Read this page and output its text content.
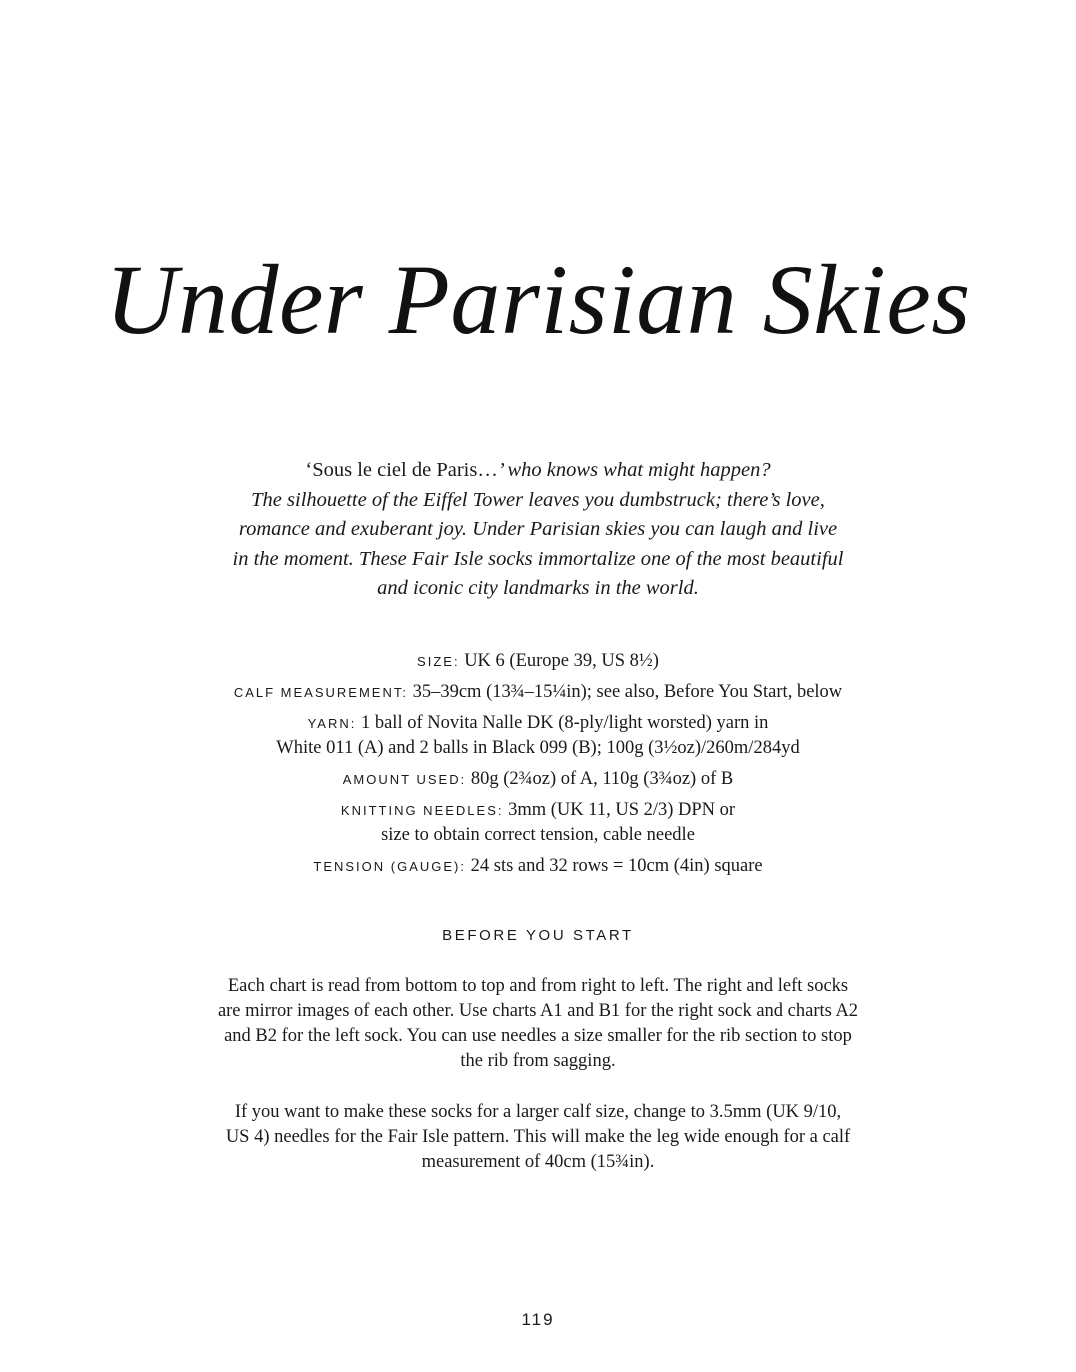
Under Parisian Skies
‘Sous le ciel de Paris…’ who knows what might happen?
The silhouette of the Eiffel Tower leaves you dumbstruck; there’s love,
romance and exuberant joy. Under Parisian skies you can laugh and live
in the moment. These Fair Isle socks immortalize one of the most beautiful
and iconic city landmarks in the world.
SIZE: UK 6 (Europe 39, US 8½)
CALF MEASUREMENT: 35–39cm (13¾–15¼in); see also, Before You Start, below
YARN: 1 ball of Novita Nalle DK (8-ply/light worsted) yarn in
White 011 (A) and 2 balls in Black 099 (B); 100g (3½oz)/260m/284yd
AMOUNT USED: 80g (2¾oz) of A, 110g (3¾oz) of B
KNITTING NEEDLES: 3mm (UK 11, US 2/3) DPN or
size to obtain correct tension, cable needle
TENSION (GAUGE): 24 sts and 32 rows = 10cm (4in) square
BEFORE YOU START

Each chart is read from bottom to top and from right to left. The right and left socks
are mirror images of each other. Use charts A1 and B1 for the right sock and charts A2
and B2 for the left sock. You can use needles a size smaller for the rib section to stop
the rib from sagging.

If you want to make these socks for a larger calf size, change to 3.5mm (UK 9/10,
US 4) needles for the Fair Isle pattern. This will make the leg wide enough for a calf
measurement of 40cm (15¾in).

119
